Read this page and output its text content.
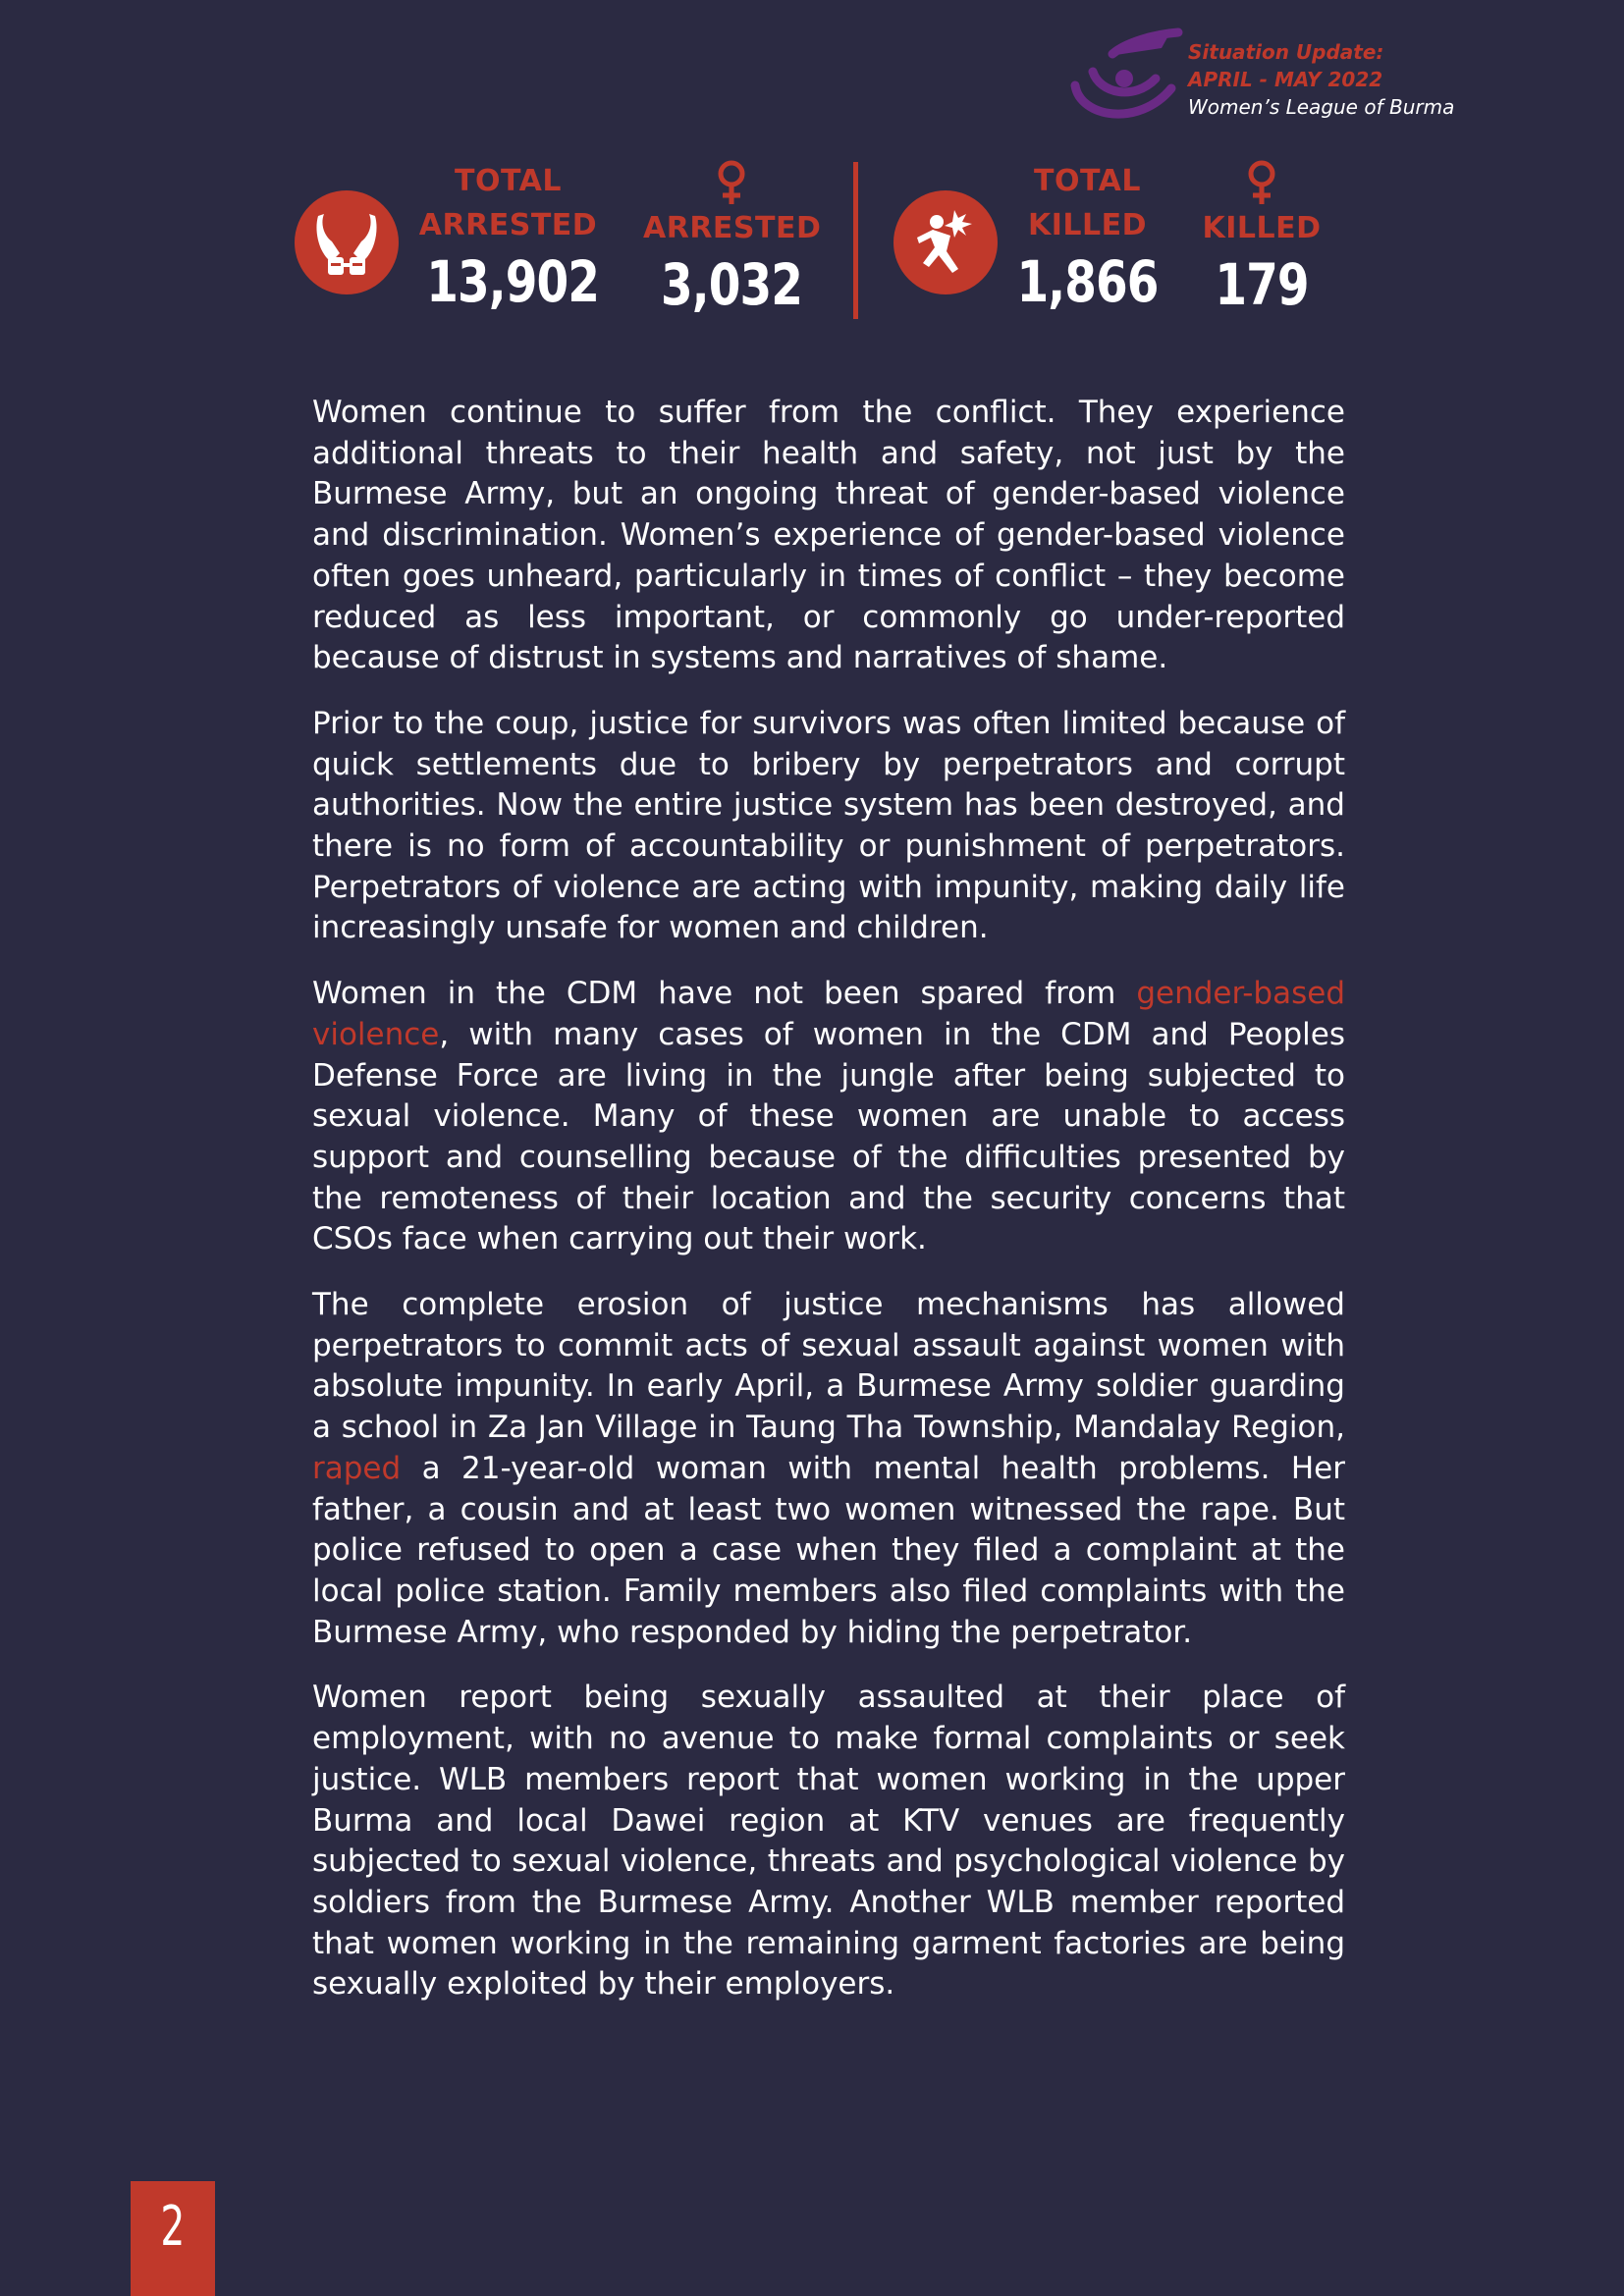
Situation Update:
APRIL - MAY 2022
Women’s League of Burma
TOTAL
ARRESTED
13,902
ARRESTED
3,032
TOTAL
KILLED
1,866
KILLED
179

Women continue to suffer from the conflict. They experience additional threats to their health and safety, not just by the Burmese Army, but an ongoing threat of gender-based violence and discrimination. Women’s experience of gender-based violence often goes unheard, particularly in times of conflict – they become reduced as less important, or commonly go under-reported because of distrust in systems and narratives of shame.

Prior to the coup, justice for survivors was often limited because of quick settlements due to bribery by perpetrators and corrupt authorities. Now the entire justice system has been destroyed, and there is no form of accountability or punishment of perpetrators. Perpetrators of violence are acting with impunity, making daily life increasingly unsafe for women and children.

Women in the CDM have not been spared from gender-based violence, with many cases of women in the CDM and Peoples Defense Force are living in the jungle after being subjected to sexual violence. Many of these women are unable to access support and counselling because of the difficulties presented by the remoteness of their location and the security concerns that CSOs face when carrying out their work.

The complete erosion of justice mechanisms has allowed perpetrators to commit acts of sexual assault against women with absolute impunity. In early April, a Burmese Army soldier guarding a school in Za Jan Village in Taung Tha Township, Mandalay Region, raped a 21-year-old woman with mental health problems. Her father, a cousin and at least two women witnessed the rape. But police refused to open a case when they filed a complaint at the local police station. Family members also filed complaints with the Burmese Army, who responded by hiding the perpetrator.

Women report being sexually assaulted at their place of employment, with no avenue to make formal complaints or seek justice. WLB members report that women working in the upper Burma and local Dawei region at KTV venues are frequently subjected to sexual violence, threats and psychological violence by soldiers from the Burmese Army. Another WLB member reported that women working in the remaining garment factories are being sexually exploited by their employers.

2
